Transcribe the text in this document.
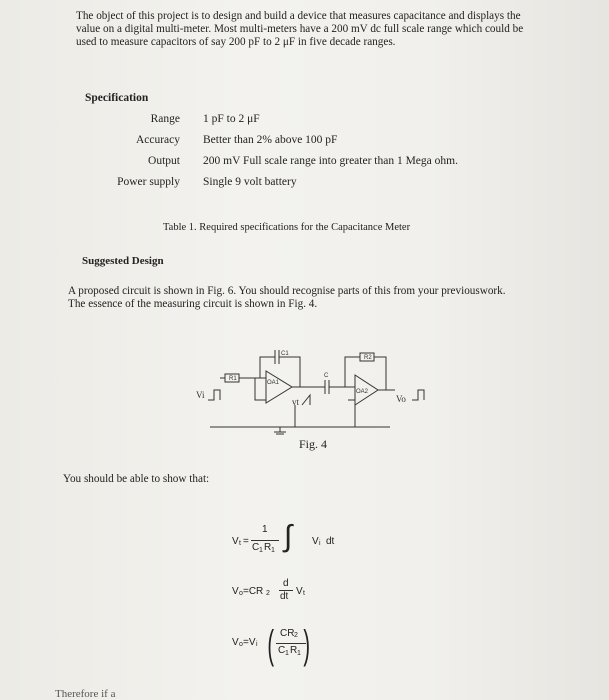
The object of this project is to design and build a device that measures capacitance and displays the value on a digital multi-meter. Most multi-meters have a 200 mV dc full scale range which could be used to measure capacitors of say 200 pF to 2 μF in five decade ranges.
Specification
Range 1 pF to 2 μF
Accuracy Better than 2% above 100 pF
Output 200 mV Full scale range into greater than 1 Mega ohm.
Power supply Single 9 volt battery
Table 1. Required specifications for the Capacitance Meter
Suggested Design
A proposed circuit is shown in Fig. 6. You should recognise parts of this from your previouswork. The essence of the measuring circuit is shown in Fig. 4.
R1
R2
C1
C
OA1
OA2
Vi
vt	Vo
Fig. 4
You should be able to show that:
V t =
1
C 1 R 1 ∫ V i dt
V o =CR 2
d
dt V t
V o =V i ( )
CR 2
C 1 R 1
Therefore if a
